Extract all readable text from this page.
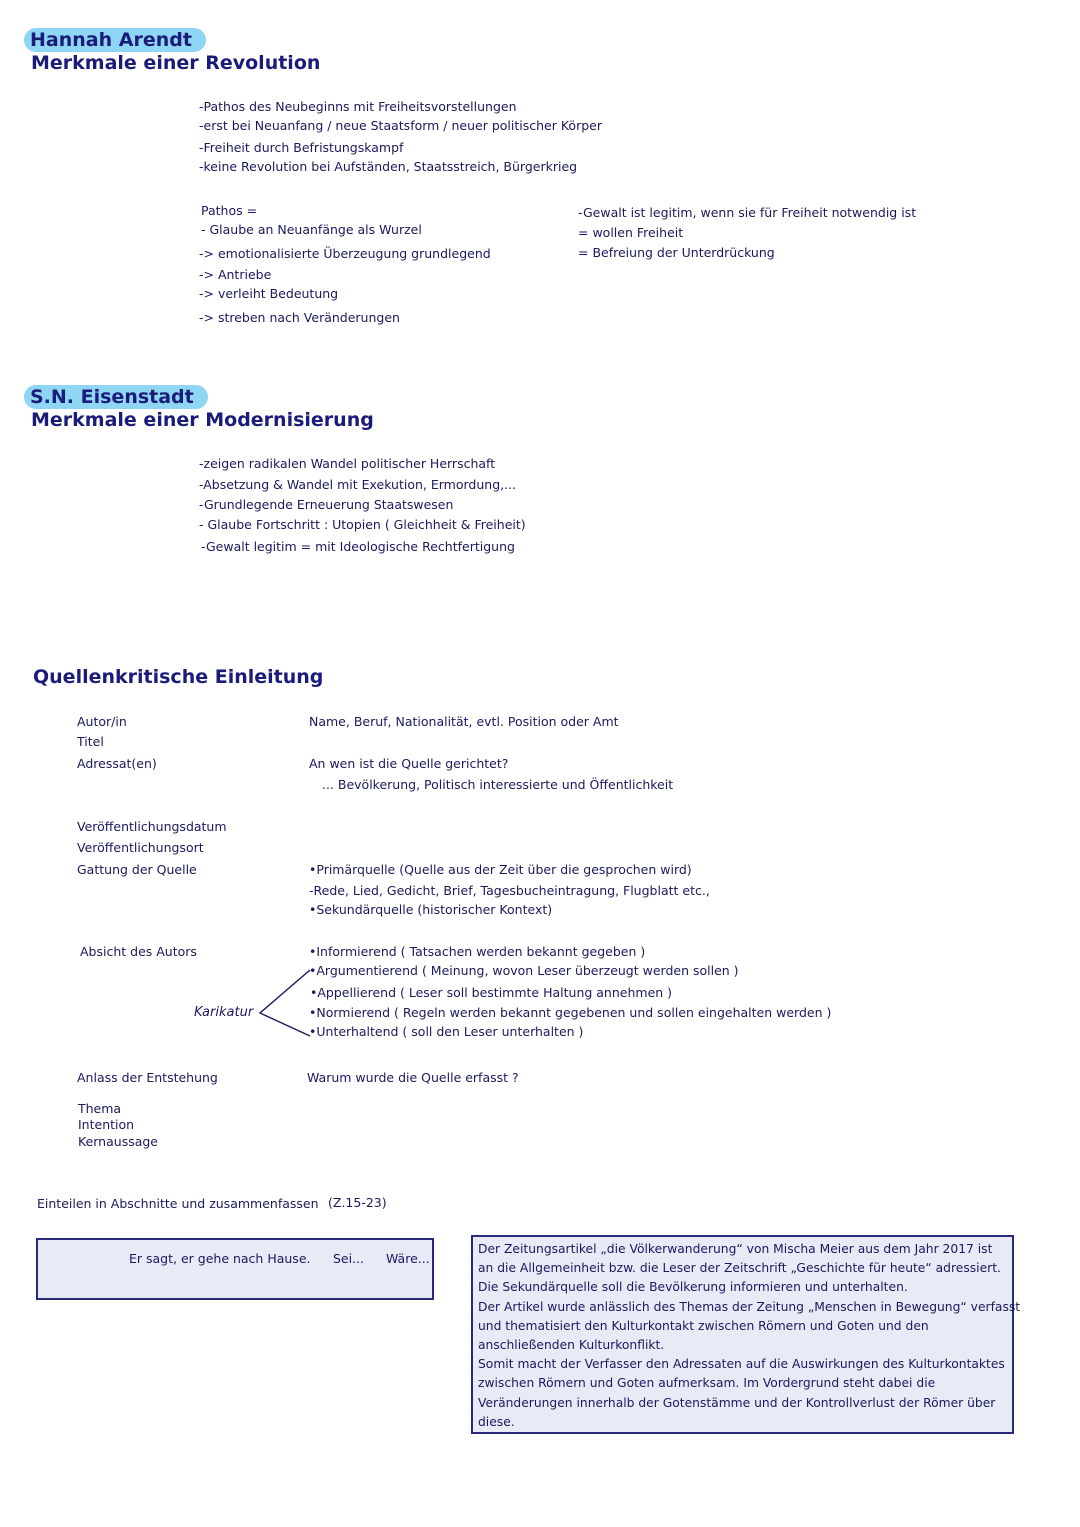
Hannah Arendt
Merkmale einer Revolution
-Pathos des Neubeginns mit Freiheitsvorstellungen
-erst bei Neuanfang / neue Staatsform / neuer politischer Körper
-Freiheit durch Befristungskampf
-keine Revolution bei Aufständen, Staatsstreich, Bürgerkrieg
Pathos =
- Glaube an Neuanfänge als Wurzel
-> emotionalisierte Überzeugung grundlegend
-> Antriebe
-> verleiht Bedeutung
-> streben nach Veränderungen
-Gewalt ist legitim, wenn sie für Freiheit notwendig ist
= wollen Freiheit
= Befreiung der Unterdrückung
S.N. Eisenstadt
Merkmale einer Modernisierung
-zeigen radikalen Wandel politischer Herrschaft
-Absetzung & Wandel mit Exekution, Ermordung,...
-Grundlegende Erneuerung Staatswesen
- Glaube Fortschritt : Utopien ( Gleichheit & Freiheit)
-Gewalt legitim = mit Ideologische Rechtfertigung
Quellenkritische Einleitung
Autor/in
Titel
Adressat(en)
Name, Beruf, Nationalität, evtl. Position oder Amt
An wen ist die Quelle gerichtet?
... Bevölkerung, Politisch interessierte und Öffentlichkeit
Veröffentlichungsdatum
Veröffentlichungsort
Gattung der Quelle	•Primärquelle (Quelle aus der Zeit über die gesprochen wird)
-Rede, Lied, Gedicht, Brief, Tagesbucheintragung, Flugblatt etc.,
•Sekundärquelle (historischer Kontext)
Absicht des Autors
Karikatur
•Informierend ( Tatsachen werden bekannt gegeben )
•Argumentierend ( Meinung, wovon Leser überzeugt werden sollen )
•Appellierend ( Leser soll bestimmte Haltung annehmen )
•Normierend ( Regeln werden bekannt gegebenen und sollen eingehalten werden )
•Unterhaltend ( soll den Leser unterhalten )
Anlass der Entstehung	Warum wurde die Quelle erfasst ?
Thema
Intention
Kernaussage
Einteilen in Abschnitte und zusammenfassen (Z.15-23)
Er sagt, er gehe nach Hause. Sei... Wäre...

Der Zeitungsartikel „die Völkerwanderung“ von Mischa Meier aus dem Jahr 2017 ist

an die Allgemeinheit bzw. die Leser der Zeitschrift „Geschichte für heute“ adressiert.

Die Sekundärquelle soll die Bevölkerung informieren und unterhalten.

Der Artikel wurde anlässlich des Themas der Zeitung „Menschen in Bewegung“ verfasst

und thematisiert den Kulturkontakt zwischen Römern und Goten und den

anschließenden Kulturkonflikt.

Somit macht der Verfasser den Adressaten auf die Auswirkungen des Kulturkontaktes

zwischen Römern und Goten aufmerksam. Im Vordergrund steht dabei die

Veränderungen innerhalb der Gotenstämme und der Kontrollverlust der Römer über

diese.
